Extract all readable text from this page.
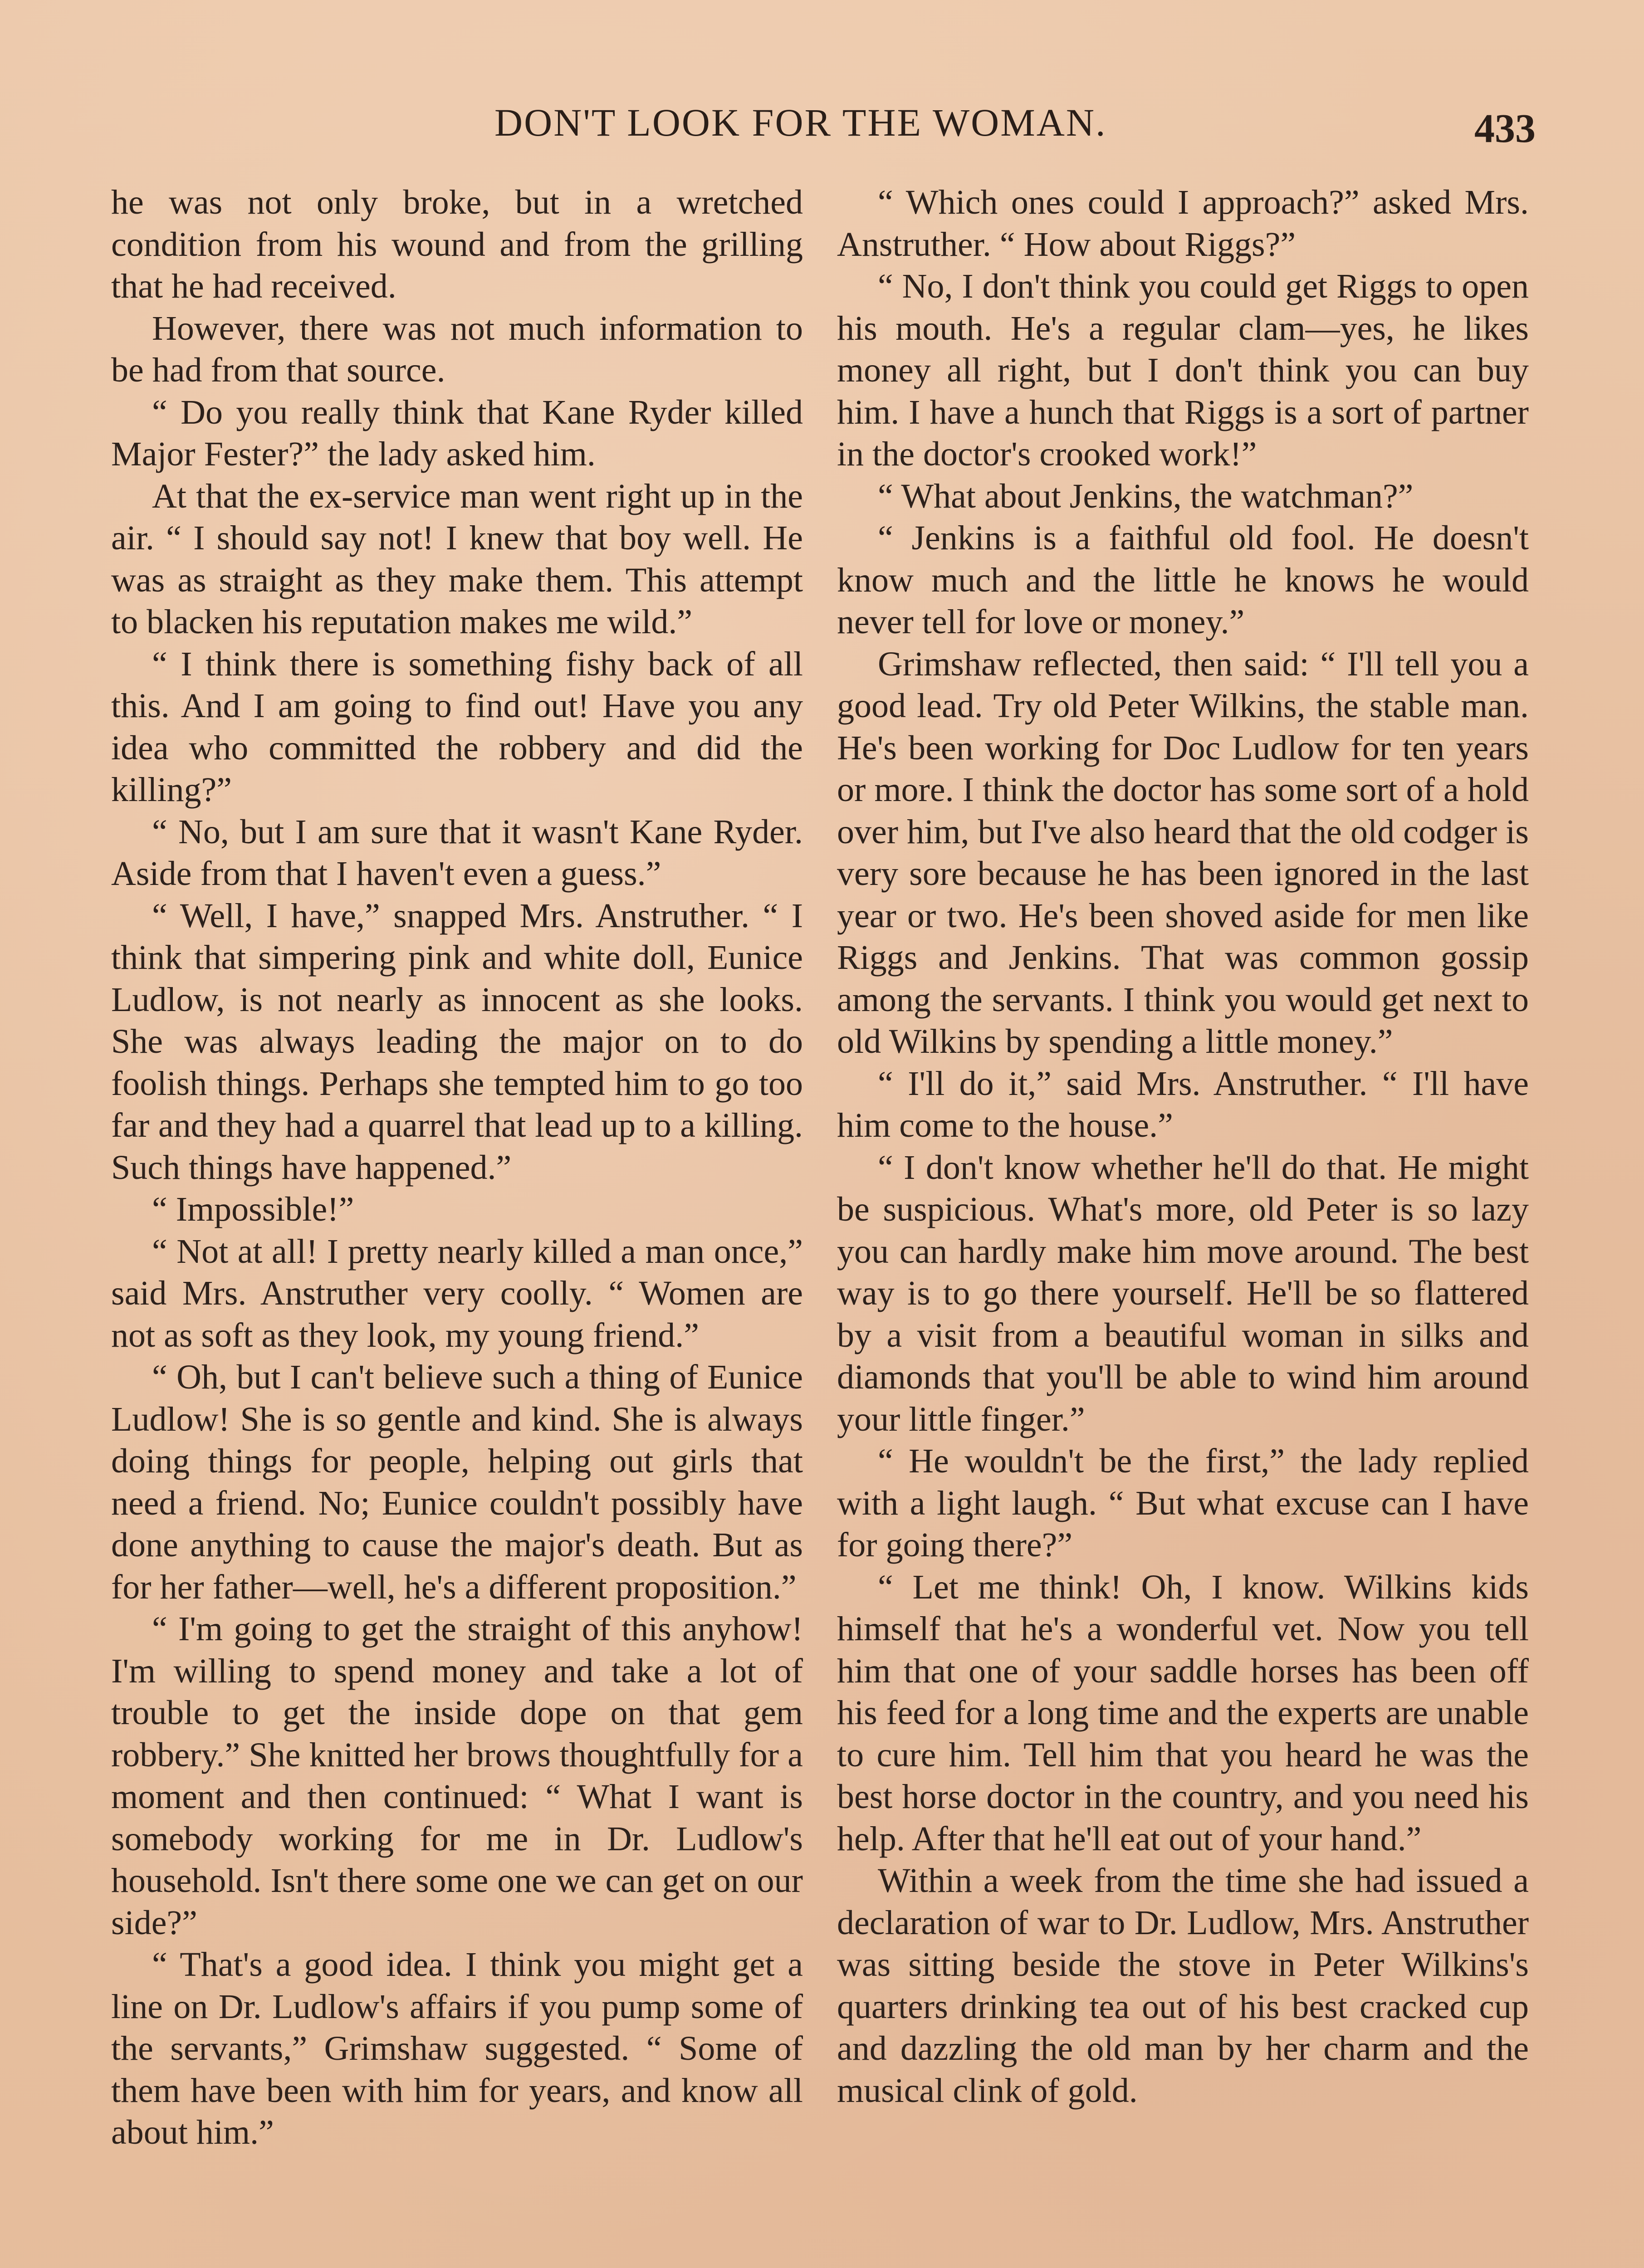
DON'T LOOK FOR THE WOMAN.	433

he was not only broke, but in a wretched condition from his wound and from the grilling that he had received.

However, there was not much information to be had from that source.

“ Do you really think that Kane Ryder killed Major Fester?” the lady asked him.

At that the ex-service man went right up in the air. “ I should say not! I knew that boy well. He was as straight as they make them. This attempt to blacken his reputation makes me wild.”

“ I think there is something fishy back of all this. And I am going to find out! Have you any idea who committed the robbery and did the killing?”

“ No, but I am sure that it wasn't Kane Ryder. Aside from that I haven't even a guess.”

“ Well, I have,” snapped Mrs. Anstruther. “ I think that simpering pink and white doll, Eunice Ludlow, is not nearly as innocent as she looks. She was always leading the major on to do foolish things. Perhaps she tempted him to go too far and they had a quarrel that lead up to a killing. Such things have happened.”

“ Impossible!”

“ Not at all! I pretty nearly killed a man once,” said Mrs. Anstruther very coolly. “ Women are not as soft as they look, my young friend.”

“ Oh, but I can't believe such a thing of Eunice Ludlow! She is so gentle and kind. She is always doing things for people, helping out girls that need a friend. No; Eunice couldn't possibly have done anything to cause the major's death. But as for her father—well, he's a different proposition.”

“ I'm going to get the straight of this anyhow! I'm willing to spend money and take a lot of trouble to get the inside dope on that gem robbery.” She knitted her brows thoughtfully for a moment and then continued: “ What I want is somebody working for me in Dr. Ludlow's household. Isn't there some one we can get on our side?”

“ That's a good idea. I think you might get a line on Dr. Ludlow's affairs if you pump some of the servants,” Grimshaw suggested. “ Some of them have been with him for years, and know all about him.”

“ Which ones could I approach?” asked Mrs. Anstruther. “ How about Riggs?”

“ No, I don't think you could get Riggs to open his mouth. He's a regular clam—yes, he likes money all right, but I don't think you can buy him. I have a hunch that Riggs is a sort of partner in the doctor's crooked work!”

“ What about Jenkins, the watchman?”

“ Jenkins is a faithful old fool. He doesn't know much and the little he knows he would never tell for love or money.”

Grimshaw reflected, then said: “ I'll tell you a good lead. Try old Peter Wilkins, the stable man. He's been working for Doc Ludlow for ten years or more. I think the doctor has some sort of a hold over him, but I've also heard that the old codger is very sore because he has been ignored in the last year or two. He's been shoved aside for men like Riggs and Jenkins. That was common gossip among the servants. I think you would get next to old Wilkins by spending a little money.”

“ I'll do it,” said Mrs. Anstruther. “ I'll have him come to the house.”

“ I don't know whether he'll do that. He might be suspicious. What's more, old Peter is so lazy you can hardly make him move around. The best way is to go there yourself. He'll be so flattered by a visit from a beautiful woman in silks and diamonds that you'll be able to wind him around your little finger.”

“ He wouldn't be the first,” the lady replied with a light laugh. “ But what excuse can I have for going there?”

“ Let me think! Oh, I know. Wilkins kids himself that he's a wonderful vet. Now you tell him that one of your saddle horses has been off his feed for a long time and the experts are unable to cure him. Tell him that you heard he was the best horse doctor in the country, and you need his help. After that he'll eat out of your hand.”

Within a week from the time she had issued a declaration of war to Dr. Ludlow, Mrs. Anstruther was sitting beside the stove in Peter Wilkins's quarters drinking tea out of his best cracked cup and dazzling the old man by her charm and the musical clink of gold.
